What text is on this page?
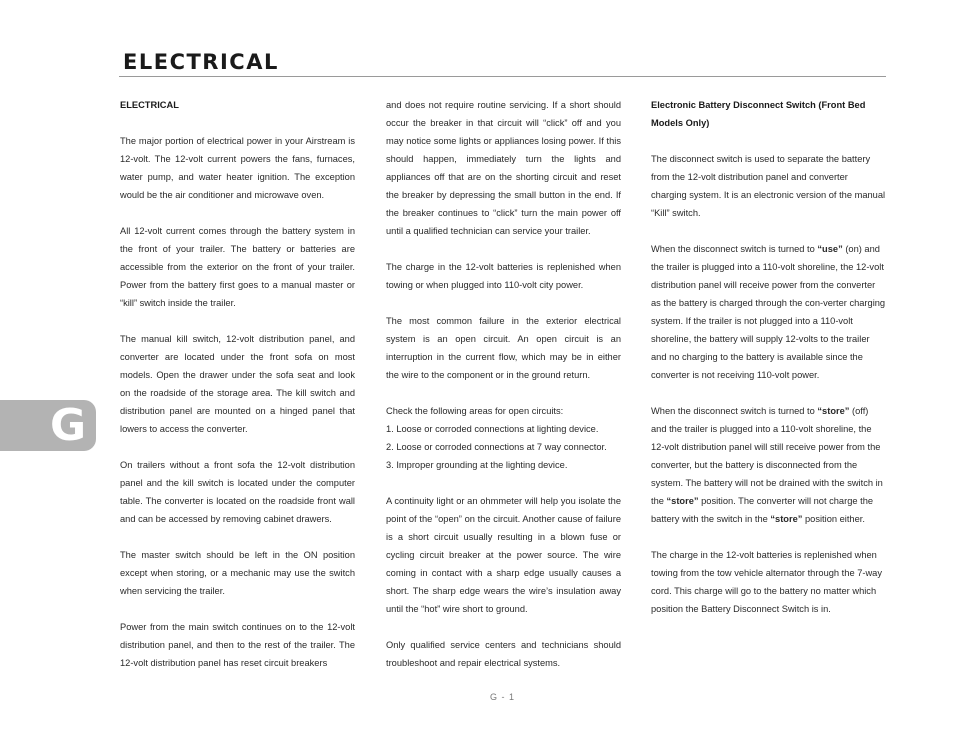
ELECTRICAL
G

ELECTRICAL

The major portion of electrical power in your Airstream is 12-volt. The 12-volt current powers the fans, furnaces, water pump, and water heater ignition. The exception would be the air conditioner and microwave oven.

All 12-volt current comes through the battery system in the front of your trailer. The battery or batteries are accessible from the exterior on the front of your trailer. Power from the battery first goes to a manual master or “kill” switch inside the trailer.

The manual kill switch, 12-volt distribution panel, and converter are located under the front sofa on most models. Open the drawer under the sofa seat and look on the roadside of the storage area. The kill switch and distribution panel are mounted on a hinged panel that lowers to access the converter.

On trailers without a front sofa the 12-volt distribution panel and the kill switch is located under the computer table. The converter is located on the roadside front wall and can be accessed by removing cabinet drawers.

The master switch should be left in the ON position except when storing, or a mechanic may use the switch when servicing the trailer.

Power from the main switch continues on to the 12-volt distribution panel, and then to the rest of the trailer. The 12-volt distribution panel has reset circuit breakers

and does not require routine servicing. If a short should occur the breaker in that circuit will “click” off and you may notice some lights or appliances losing power. If this should happen, immediately turn the lights and appliances off that are on the shorting circuit and reset the breaker by depressing the small button in the end. If the breaker continues to “click” turn the main power off until a qualified technician can service your trailer.

The charge in the 12-volt batteries is replenished when towing or when plugged into 110-volt city power.

The most common failure in the exterior electrical system is an open circuit. An open circuit is an interruption in the current flow, which may be in either the wire to the component or in the ground return.

Check the following areas for open circuits:
1. Loose or corroded connections at lighting device.
2. Loose or corroded connections at 7 way connector.
3. Improper grounding at the lighting device.

A continuity light or an ohmmeter will help you isolate the point of the “open” on the circuit. Another cause of failure is a short circuit usually resulting in a blown fuse or cycling circuit breaker at the power source. The wire coming in contact with a sharp edge usually causes a short. The sharp edge wears the wire’s insulation away until the “hot” wire short to ground.

Only qualified service centers and technicians should troubleshoot and repair electrical systems.

Electronic Battery Disconnect Switch (Front Bed Models Only)

The disconnect switch is used to separate the battery from the 12-volt distribution panel and converter charging system. It is an electronic version of the manual “Kill” switch.

When the disconnect switch is turned to “use” (on) and the trailer is plugged into a 110-volt shoreline, the 12-volt distribution panel will receive power from the converter as the battery is charged through the con-verter charging system. If the trailer is not plugged into a 110-volt shoreline, the battery will supply 12-volts to the trailer and no charging to the battery is available since the converter is not receiving 110-volt power.

When the disconnect switch is turned to “store” (off) and the trailer is plugged into a 110-volt shoreline, the 12-volt distribution panel will still receive power from the converter, but the battery is disconnected from the system. The battery will not be drained with the switch in the “store” position. The converter will not charge the battery with the switch in the “store” position either.

The charge in the 12-volt batteries is replenished when towing from the tow vehicle alternator through the 7-way cord. This charge will go to the battery no matter which position the Battery Disconnect Switch is in.

G - 1
